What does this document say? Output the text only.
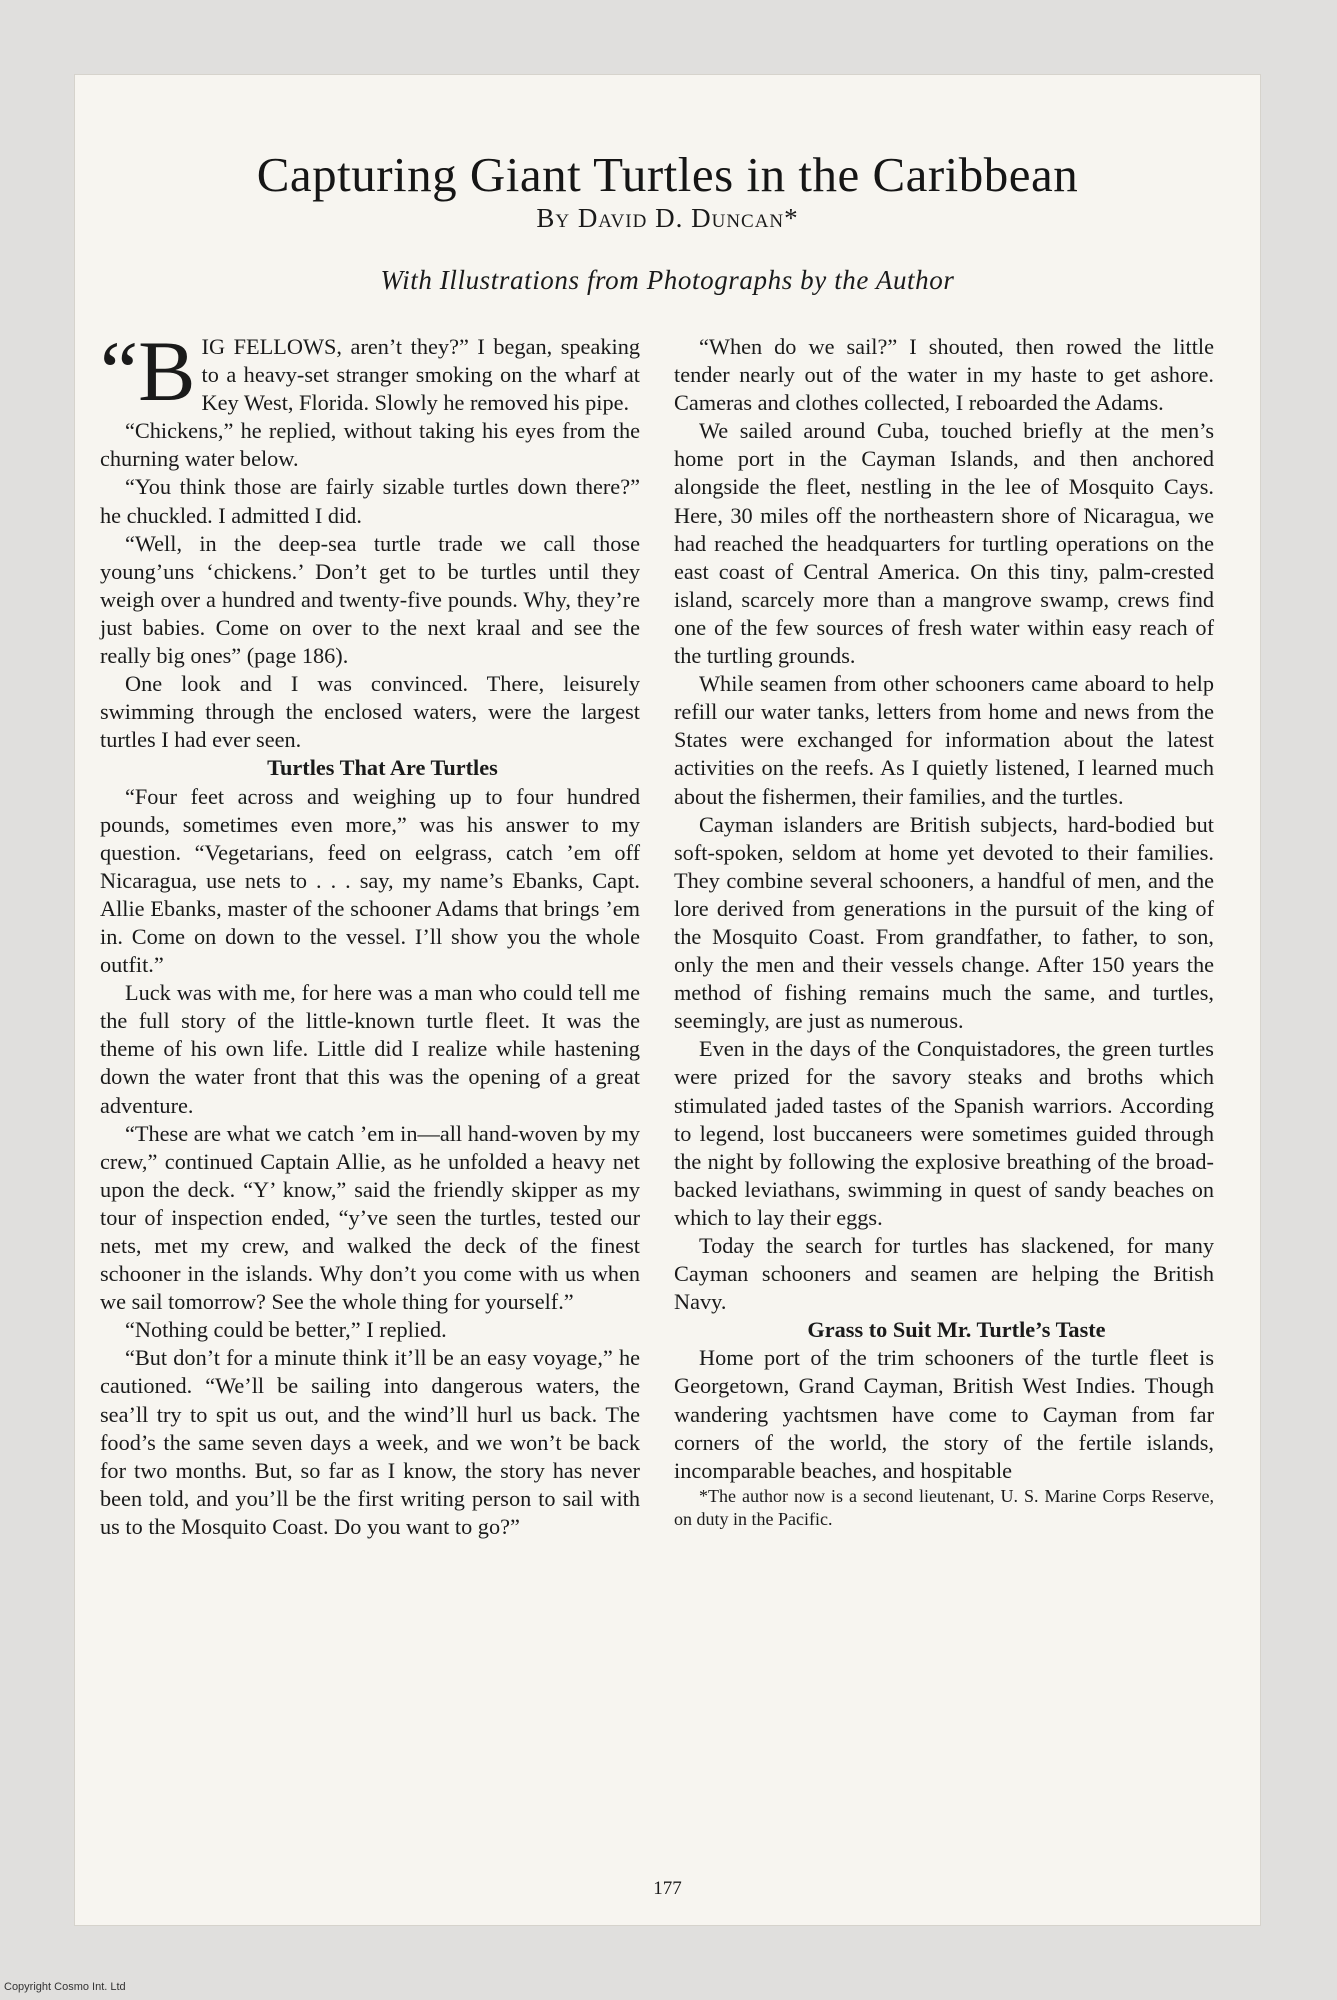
Capturing Giant Turtles in the Caribbean
By David D. Duncan*
With Illustrations from Photographs by the Author

“B IG FELLOWS, aren’t they?” I began, speaking to a heavy-set stranger smoking on the wharf at Key West, Florida. Slowly he removed his pipe.

“Chickens,” he replied, without taking his eyes from the churning water below.

“You think those are fairly sizable turtles down there?” he chuckled. I admitted I did.

“Well, in the deep-sea turtle trade we call those young’uns ‘chickens.’ Don’t get to be turtles until they weigh over a hundred and twenty-five pounds. Why, they’re just babies. Come on over to the next kraal and see the really big ones” (page 186).

One look and I was convinced. There, leisurely swimming through the enclosed waters, were the largest turtles I had ever seen.

Turtles That Are Turtles

“Four feet across and weighing up to four hundred pounds, sometimes even more,” was his answer to my question. “Vegetarians, feed on eelgrass, catch ’em off Nicaragua, use nets to . . . say, my name’s Ebanks, Capt. Allie Ebanks, master of the schooner Adams that brings ’em in. Come on down to the vessel. I’ll show you the whole outfit.”

Luck was with me, for here was a man who could tell me the full story of the little-known turtle fleet. It was the theme of his own life. Little did I realize while hastening down the water front that this was the opening of a great adventure.

“These are what we catch ’em in—all hand-woven by my crew,” continued Captain Allie, as he unfolded a heavy net upon the deck. “Y’ know,” said the friendly skipper as my tour of inspection ended, “y’ve seen the turtles, tested our nets, met my crew, and walked the deck of the finest schooner in the islands. Why don’t you come with us when we sail tomorrow? See the whole thing for yourself.”

“Nothing could be better,” I replied.

“But don’t for a minute think it’ll be an easy voyage,” he cautioned. “We’ll be sailing into dangerous waters, the sea’ll try to spit us out, and the wind’ll hurl us back. The food’s the same seven days a week, and we won’t be back for two months. But, so far as I know, the story has never been told, and you’ll be the first writing person to sail with us to the Mosquito Coast. Do you want to go?”

“When do we sail?” I shouted, then rowed the little tender nearly out of the water in my haste to get ashore. Cameras and clothes collected, I reboarded the Adams.

We sailed around Cuba, touched briefly at the men’s home port in the Cayman Islands, and then anchored alongside the fleet, nestling in the lee of Mosquito Cays. Here, 30 miles off the northeastern shore of Nicaragua, we had reached the headquarters for turtling operations on the east coast of Central America. On this tiny, palm-crested island, scarcely more than a mangrove swamp, crews find one of the few sources of fresh water within easy reach of the turtling grounds.

While seamen from other schooners came aboard to help refill our water tanks, letters from home and news from the States were exchanged for information about the latest activities on the reefs. As I quietly listened, I learned much about the fishermen, their families, and the turtles.

Cayman islanders are British subjects, hard-bodied but soft-spoken, seldom at home yet devoted to their families. They combine several schooners, a handful of men, and the lore derived from generations in the pursuit of the king of the Mosquito Coast. From grandfather, to father, to son, only the men and their vessels change. After 150 years the method of fishing remains much the same, and turtles, seemingly, are just as numerous.

Even in the days of the Conquistadores, the green turtles were prized for the savory steaks and broths which stimulated jaded tastes of the Spanish warriors. According to legend, lost buccaneers were sometimes guided through the night by following the explosive breathing of the broad-backed leviathans, swimming in quest of sandy beaches on which to lay their eggs.

Today the search for turtles has slackened, for many Cayman schooners and seamen are helping the British Navy.

Grass to Suit Mr. Turtle’s Taste

Home port of the trim schooners of the turtle fleet is Georgetown, Grand Cayman, British West Indies. Though wandering yachtsmen have come to Cayman from far corners of the world, the story of the fertile islands, incomparable beaches, and hospitable

*The author now is a second lieutenant, U. S. Marine Corps Reserve, on duty in the Pacific.

177
Copyright Cosmo Int. Ltd
